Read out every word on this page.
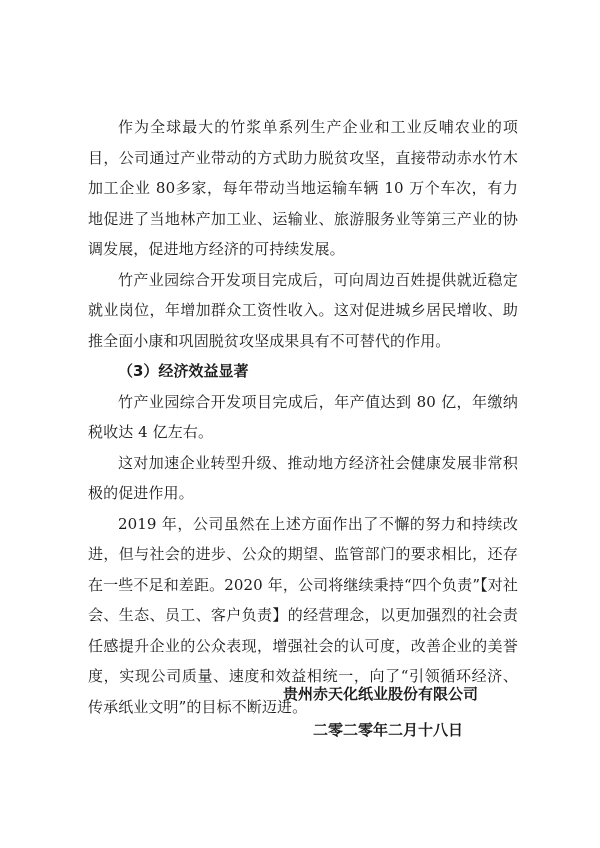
作为全球最大的竹浆单系列生产企业和工业反哺农业的项目，公司通过产业带动的方式助力脱贫攻坚，直接带动赤水竹木加工企业 80多家，每年带动当地运输车辆 10 万个车次，有力地促进了当地林产加工业、运输业、旅游服务业等第三产业的协调发展，促进地方经济的可持续发展。

竹产业园综合开发项目完成后，可向周边百姓提供就近稳定就业岗位，年增加群众工资性收入。这对促进城乡居民增收、助推全面小康和巩固脱贫攻坚成果具有不可替代的作用。

（3）经济效益显著

竹产业园综合开发项目完成后，年产值达到 80 亿，年缴纳税收达 4 亿左右。

这对加速企业转型升级、推动地方经济社会健康发展非常积极的促进作用。

2019 年，公司虽然在上述方面作出了不懈的努力和持续改进，但与社会的进步、公众的期望、监管部门的要求相比，还存在一些不足和差距。2020 年，公司将继续秉持“四个负责”【对社会、生态、员工、客户负责】的经营理念，以更加强烈的社会责任感提升企业的公众表现，增强社会的认可度，改善企业的美誉度，实现公司质量、速度和效益相统一，向了“引领循环经济、传承纸业文明”的目标不断迈进。

贵州赤天化纸业股份有限公司
二零二零年二月十八日
